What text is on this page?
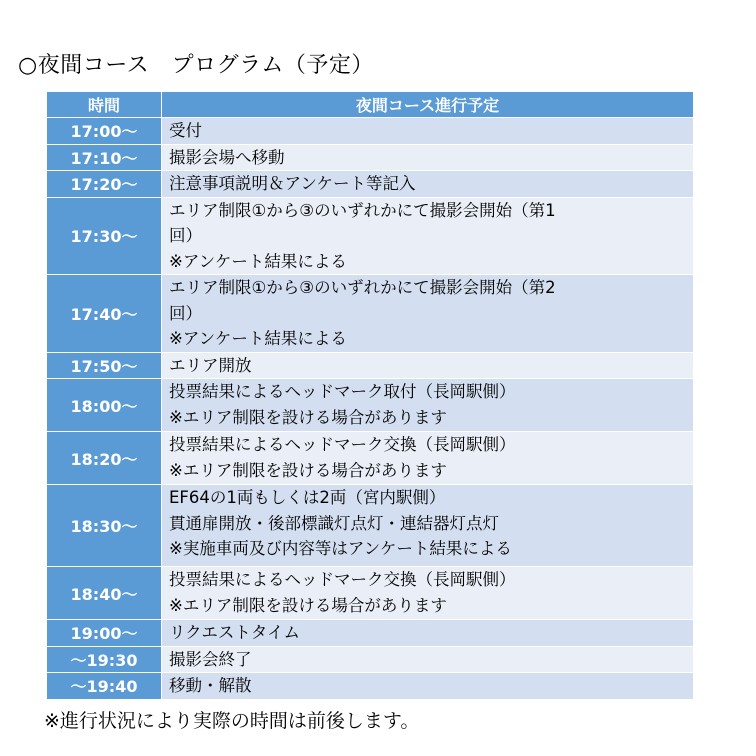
○夜間コース　プログラム（予定）
時間	夜間コース進行予定
17:00～	受付

17:10～	撮影会場へ移動

17:20～	注意事項説明＆アンケート等記入

17:30～	エリア制限①から③のいずれかにて撮影会開始（第1
回）
※アンケート結果による

17:40～	エリア制限①から③のいずれかにて撮影会開始（第2
回）
※アンケート結果による

17:50～	エリア開放

18:00～	投票結果によるヘッドマーク取付（長岡駅側）
※エリア制限を設ける場合があります

18:20～	投票結果によるヘッドマーク交換（長岡駅側）
※エリア制限を設ける場合があります

18:30～	EF64の1両もしくは2両（宮内駅側）
貫通扉開放・後部標識灯点灯・連結器灯点灯
※実施車両及び内容等はアンケート結果による

18:40～	投票結果によるヘッドマーク交換（長岡駅側）
※エリア制限を設ける場合があります

19:00～	リクエストタイム

～19:30	撮影会終了

～19:40	移動・解散
※進行状況により実際の時間は前後します。
